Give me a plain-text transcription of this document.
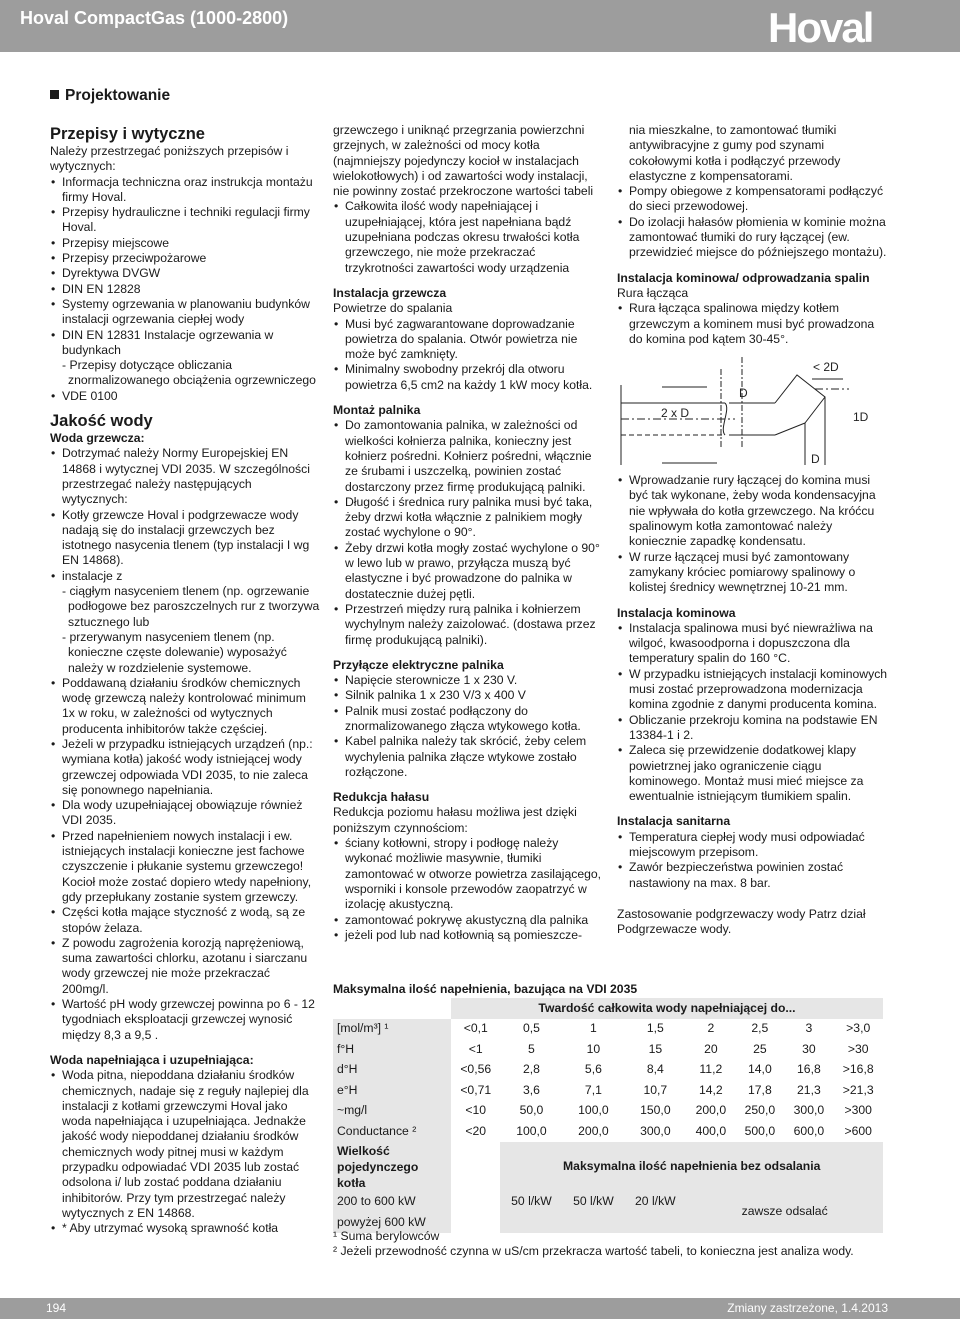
Hoval CompactGas (1000-2800)	Hoval
Projektowanie
Przepisy i wytyczne

Należy przestrzegać poniższych przepisów i wytycznych:

• Informacja techniczna oraz instrukcja montażu firmy Hoval.
• Przepisy hydrauliczne i techniki regulacji firmy Hoval.
• Przepisy miejscowe
• Przepisy przeciwpożarowe
• Dyrektywa DVGW
• DIN EN 12828
• Systemy ogrzewania w planowaniu budynków instalacji ogrzewania ciepłej wody
• DIN EN 12831 Instalacje ogrzewania w budynkach

- Przepisy dotyczące obliczania znormalizowanego obciążenia ogrzewniczego

• VDE 0100
Jakość wody
Woda grzewcza:
• Dotrzymać należy Normy Europejskiej EN 14868 i wytycznej VDI 2035. W szczególności przestrzegać należy następujących wytycznych:
• Kotły grzewcze Hoval i podgrzewacze wody nadają się do instalacji grzewczych bez istotnego nasycenia tlenem (typ instalacji I wg EN 14868).
• instalacje z

- ciągłym nasyceniem tlenem (np. ogrzewanie podłogowe bez paroszczelnych rur z tworzywa sztucznego lub

- przerywanym nasyceniem tlenem (np. konieczne częste dolewanie) wyposażyć należy w rozdzielenie systemowe.

• Poddawaną działaniu środków chemicznych wodę grzewczą należy kontrolować minimum 1x w roku, w zależności od wytycznych producenta inhibitorów także częściej.
• Jeżeli w przypadku istniejących urządzeń (np.: wymiana kotła) jakość wody istniejącej wody grzewczej odpowiada VDI 2035, to nie zaleca się ponownego napełniania.
• Dla wody uzupełniającej obowiązuje również VDI 2035.
• Przed napełnieniem nowych instalacji i ew. istniejących instalacji konieczne jest fachowe czyszczenie i płukanie systemu grzewczego! Kocioł może zostać dopiero wtedy napełniony, gdy przepłukany zostanie system grzewczy.
• Części kotła mające styczność z wodą, są ze stopów żelaza.
• Z powodu zagrożenia korozją naprężeniową, suma zawartości chlorku, azotanu i siarczanu wody grzewczej nie może przekraczać 200mg/l.
• Wartość pH wody grzewczej powinna po 6 - 12 tygodniach eksploatacji grzewczej wynosić między 8,3 a 9,5 .
Woda napełniająca i uzupełniająca:
• Woda pitna, niepoddana działaniu środków chemicznych, nadaje się z reguły najlepiej dla instalacji z kotłami grzewczymi Hoval jako woda napełniająca i uzupełniająca. Jednakże jakość wody niepoddanej działaniu środków chemicznych wody pitnej musi w każdym przypadku odpowiadać VDI 2035 lub zostać odsolona i/ lub zostać poddana działaniu inhibitorów. Przy tym przestrzegać należy wytycznych z EN 14868.
• * Aby utrzymać wysoką sprawność kotła

grzewczego i uniknąć przegrzania powierzchni grzejnych, w zależności od mocy kotła (najmniejszy pojedynczy kocioł w instalacjach wielokotłowych) i od zawartości wody instalacji, nie powinny zostać przekroczone wartości tabeli

• Całkowita ilość wody napełniającej i uzupełniającej, która jest napełniana bądź uzupełniana podczas okresu trwałości kotła grzewczego, nie może przekraczać trzykrotności zawartości wody urządzenia
Instalacja grzewcza

Powietrze do spalania

• Musi być zagwarantowane doprowadzanie powietrza do spalania. Otwór powietrza nie może być zamknięty.
• Minimalny swobodny przekrój dla otworu powietrza 6,5 cm2 na każdy 1 kW mocy kotła.
Montaż palnika
• Do zamontowania palnika, w zależności od wielkości kołnierza palnika, konieczny jest kołnierz pośredni. Kołnierz pośredni, włącznie ze śrubami i uszczelką, powinien zostać dostarczony przez firmę produkującą palniki.
• Długość i średnica rury palnika musi być taka, żeby drzwi kotła włącznie z palnikiem mogły zostać wychylone o 90°.
• Żeby drzwi kotła mogły zostać wychylone o 90° w lewo lub w prawo, przyłącza muszą być elastyczne i być prowadzone do palnika w dostatecznie dużej pętli.
• Przestrzeń między rurą palnika i kołnierzem wychylnym należy zaizolować. (dostawa przez firmę produkującą palniki).
Przyłącze elektryczne palnika
• Napięcie sterownicze 1 x 230 V.
• Silnik palnika 1 x 230 V/3 x 400 V
• Palnik musi zostać podłączony do znormalizowanego złącza wtykowego kotła.
• Kabel palnika należy tak skrócić, żeby celem wychylenia palnika złącze wtykowe zostało rozłączone.
Redukcja hałasu

Redukcja poziomu hałasu możliwa jest dzięki poniższym czynnościom:

• ściany kotłowni, stropy i podłogę należy wykonać możliwie masywnie, tłumiki zamontować w otworze powietrza zasilającego, wsporniki i konsole przewodów zaopatrzyć w izolację akustyczną.
• zamontować pokrywę akustyczną dla palnika
• jeżeli pod lub nad kotłownią są pomieszcze-

nia mieszkalne, to zamontować tłumiki antywibracyjne z gumy pod szynami cokołowymi kotła i podłączyć przewody elastyczne z kompensatorami.

• Pompy obiegowe z kompensatorami podłączyć do sieci przewodowej.
• Do izolacji hałasów płomienia w kominie można zamontować tłumiki do rury łączącej (ew. przewidzieć miejsce do późniejszego montażu).
Instalacja kominowa/ odprowadzania spalin

Rura łącząca

• Rura łącząca spalinowa między kotłem grzewczym a kominem musi być prowadzona do komina pod kątem 30-45°.
< 2D
D
2 x D	1D
D
• Wprowadzanie rury łączącej do komina musi być tak wykonane, żeby woda kondensacyjna nie wpływała do kotła grzewczego. Na króćcu spalinowym kotła zamontować należy koniecznie zapadkę kondensatu.
• W rurze łączącej musi być zamontowany zamykany króciec pomiarowy spalinowy o kolistej średnicy wewnętrznej 10-21 mm.
Instalacja kominowa
• Instalacja spalinowa musi być niewrażliwa na wilgoć, kwasoodporna i dopuszczona dla temperatury spalin do 160 °C.
• W przypadku istniejących instalacji kominowych musi zostać przeprowadzona modernizacja komina zgodnie z danymi producenta komina.
• Obliczanie przekroju komina na podstawie EN 13384-1 i 2.
• Zaleca się przewidzenie dodatkowej klapy powietrznej jako ograniczenie ciągu kominowego. Montaż musi mieć miejsce za ewentualnie istniejącym tłumikiem spalin.
Instalacja sanitarna
• Temperatura ciepłej wody musi odpowiadać miejscowym przepisom.
• Zawór bezpieczeństwa powinien zostać nastawiony na max. 8 bar.

Zastosowanie podgrzewaczy wody Patrz dział Podgrzewacze wody.

Maksymalna ilość napełnienia, bazująca na VDI 2035
	Twardość całkowita wody napełniającej do...							
[mol/m³] ¹	<0,1	0,5	1	1,5	2	2,5	3	>3,0
f°H	<1	5	10	15	20	25	30	>30
d°H	<0,56	2,8	5,6	8,4	11,2	14,0	16,8	>16,8
e°H	<0,71	3,6	7,1	10,7	14,2	17,8	21,3	>21,3
~mg/l	<10	50,0	100,0	150,0	200,0	250,0	300,0	>300
Conductance ²	<20	100,0	200,0	300,0	400,0	500,0	600,0	>600
Wielkość pojedynczego kotła		Maksymalna ilość napełnienia bez odsalania						
200 to 600 kW		50 l/kW	50 l/kW	20 l/kW	zawsze odsalać			
powyżej 600 kW								
¹ Suma berylowców
² Jeżeli przewodność czynna w uS/cm przekracza wartość tabeli, to konieczna jest analiza wody.
194	Zmiany zastrzeżone, 1.4.2013
